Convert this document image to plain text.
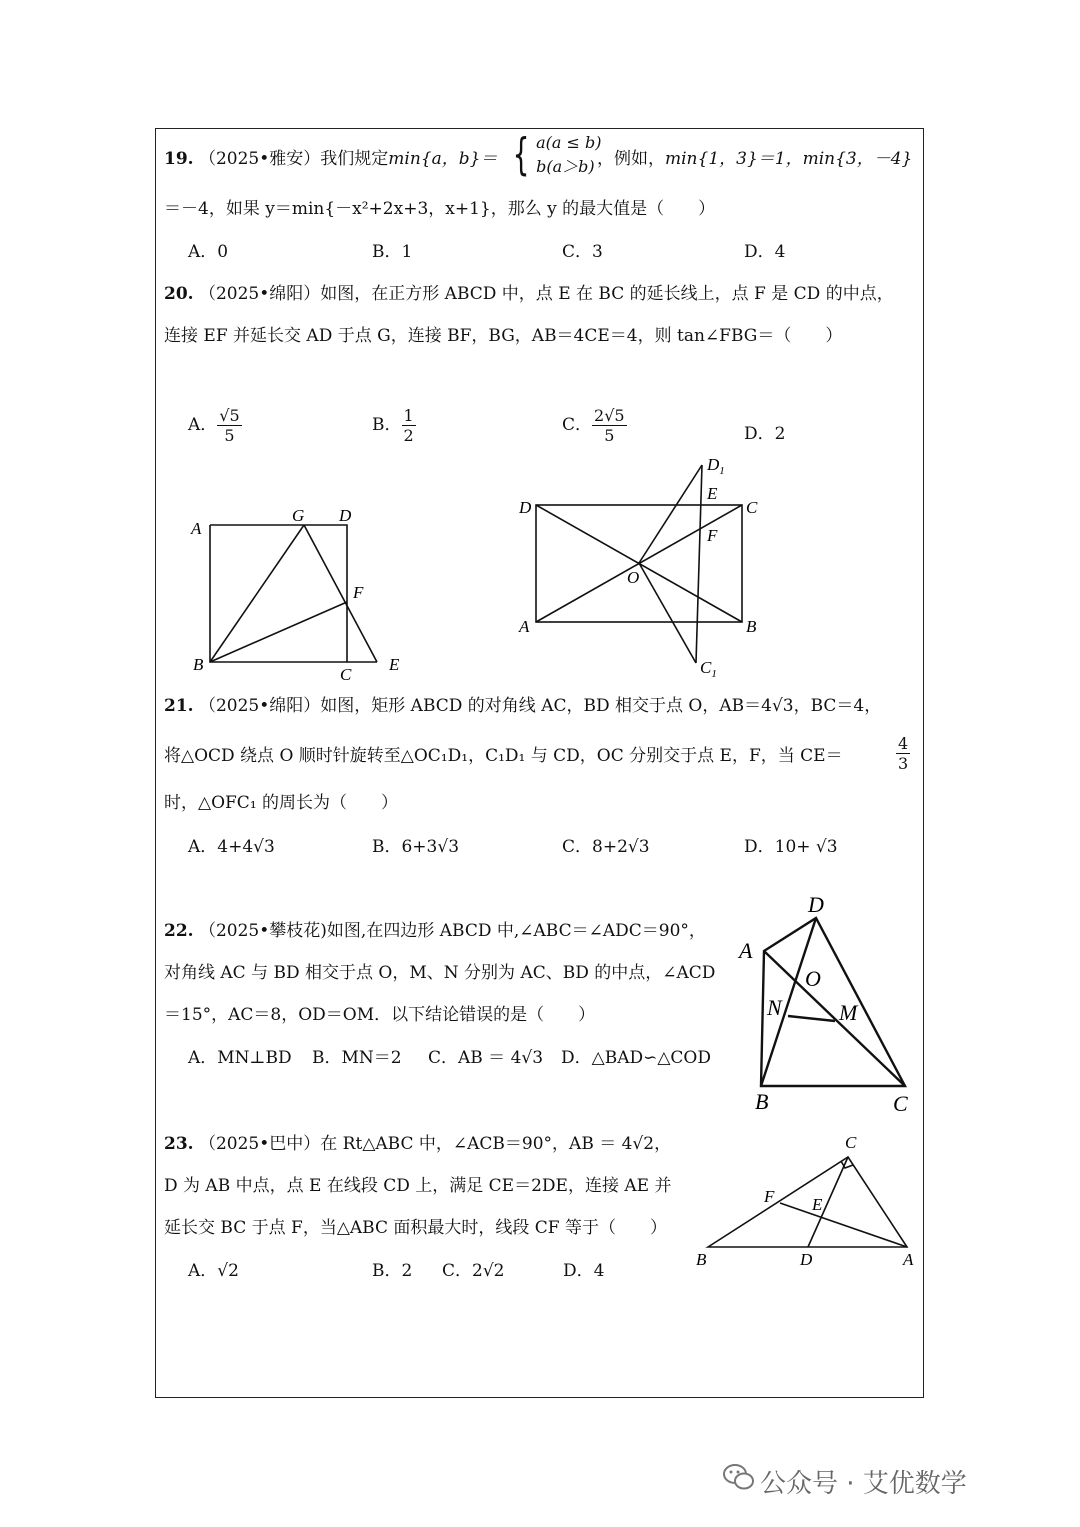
19. （2025•雅安）我们规定min{a，b}＝ { a(a ≤ b)
b(a＞b) ，例如，min{1，3}＝1，min{3，－4}
＝－4，如果 y＝min{－x²+2x+3，x+1}，那么 y 的最大值是（　　）
A．0	B．1	C．3	D．4
20. （2025•绵阳）如图，在正方形 ABCD 中，点 E 在 BC 的延长线上，点 F 是 CD 的中点，
连接 EF 并延长交 AD 于点 G，连接 BF，BG，AB＝4CE＝4，则 tan∠FBG＝（　　）
A． $\frac{√5}{5}$	B． $\frac{1}{2}$	C． $\frac{2√5}{5}$	D．2
A
G D
F
B
C
E
$D_1$
E
D	C
F
O
A	B
$C_1$
21. （2025•绵阳）如图，矩形 ABCD 的对角线 AC，BD 相交于点 O，AB＝4√3，BC＝4，
将△OCD 绕点 O 顺时针旋转至△OC₁D₁，C₁D₁ 与 CD，OC 分别交于点 E，F，当 CE＝	$\frac{4}{3}$
时，△OFC₁ 的周长为（　　）
A．4+4√3	B．6+3√3	C．8+2√3	D．10+ √3
22. （2025•攀枝花)如图,在四边形 ABCD 中,∠ABC＝∠ADC＝90°，
对角线 AC 与 BD 相交于点 O，M、N 分别为 AC、BD 的中点，∠ACD
＝15°，AC＝8，OD＝OM．以下结论错误的是（　　）
A．MN⊥BD B．MN＝2 C．AB ＝ 4√3 D．△BAD∽△COD
D
A
O
N	M
B	C
23. （2025•巴中）在 Rt△ABC 中，∠ACB＝90°，AB ＝ 4√2，
D 为 AB 中点，点 E 在线段 CD 上，满足 CE＝2DE，连接 AE 并
延长交 BC 于点 F，当△ABC 面积最大时，线段 CF 等于（　　）
A．√2	B．2 C．2√2	D．4
C
F E
B	D	A
公众号 · 艾优数学
